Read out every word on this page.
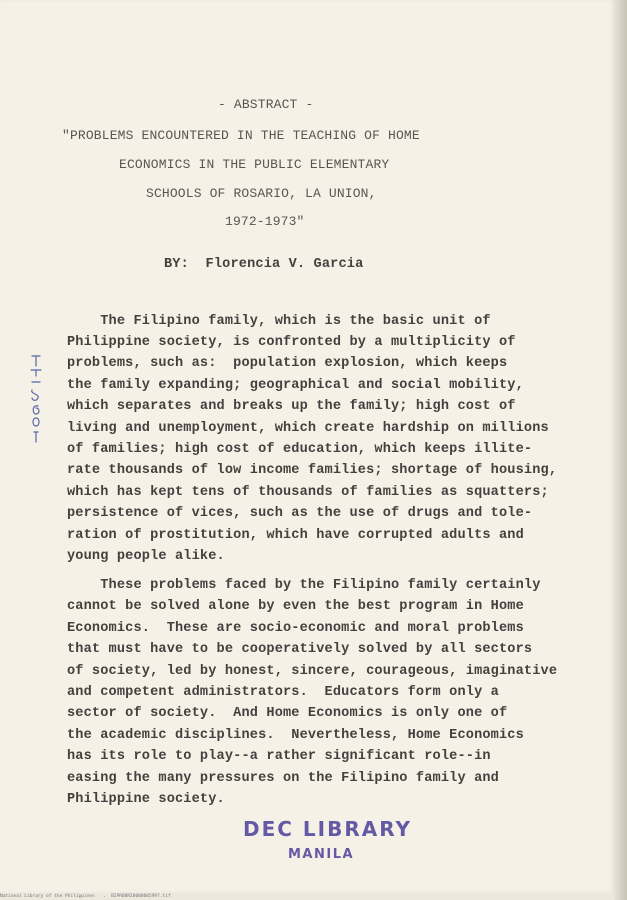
- ABSTRACT -
"PROBLEMS ENCOUNTERED IN THE TEACHING OF HOME
ECONOMICS IN THE PUBLIC ELEMENTARY
SCHOOLS OF ROSARIO, LA UNION,
1972-1973"
BY:  Florencia V. Garcia
The Filipino family, which is the basic unit of
Philippine society, is confronted by a multiplicity of
problems, such as:  population explosion, which keeps
the family expanding; geographical and social mobility,
which separates and breaks up the family; high cost of
living and unemployment, which create hardship on millions
of families; high cost of education, which keeps illite-
rate thousands of low income families; shortage of housing,
which has kept tens of thousands of families as squatters;
persistence of vices, such as the use of drugs and tole-
ration of prostitution, which have corrupted adults and
young people alike.
These problems faced by the Filipino family certainly
cannot be solved alone by even the best program in Home
Economics.  These are socio-economic and moral problems
that must have to be cooperatively solved by all sectors
of society, led by honest, sincere, courageous, imaginative
and competent administrators.  Educators form only a
sector of society.  And Home Economics is only one of
the academic disciplines.  Nevertheless, Home Economics
has its role to play--a rather significant role--in
easing the many pressures on the Filipino family and
Philippine society.
DEC LIBRARY
MANILA
National Library of the Philippines   .  BIPR0BRI0000005997.tif
